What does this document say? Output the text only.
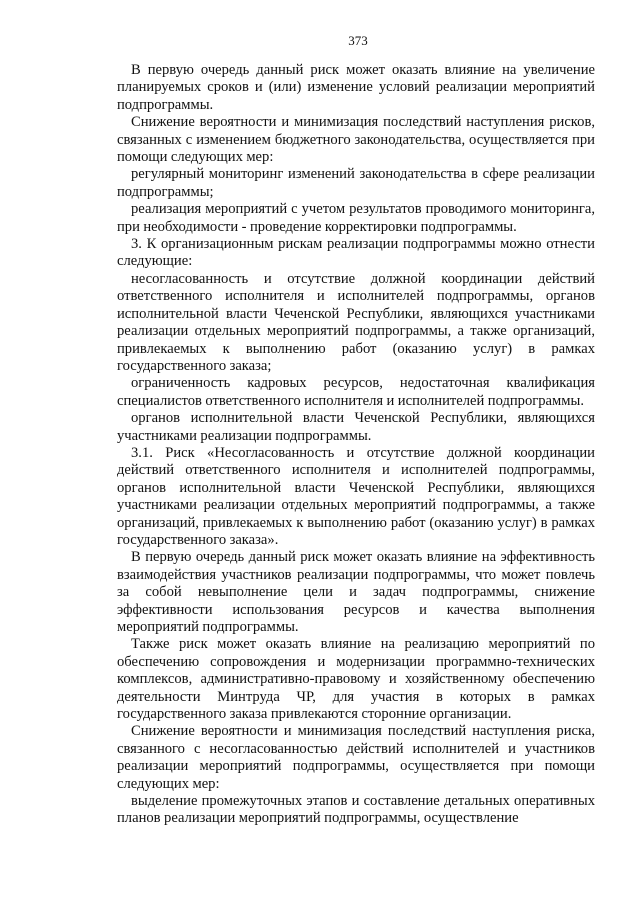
373

В первую очередь данный риск может оказать влияние на увеличение планируемых сроков и (или) изменение условий реализации мероприятий подпрограммы.

Снижение вероятности и минимизация последствий наступления рисков, связанных с изменением бюджетного законодательства, осуществляется при помощи следующих мер:

регулярный мониторинг изменений законодательства в сфере реализации подпрограммы;

реализация мероприятий с учетом результатов проводимого мониторинга, при необходимости - проведение корректировки подпрограммы.

3. К организационным рискам реализации подпрограммы можно отнести следующие:

несогласованность и отсутствие должной координации действий ответственного исполнителя и исполнителей подпрограммы, органов исполнительной власти Чеченской Республики, являющихся участниками реализации отдельных мероприятий подпрограммы, а также организаций, привлекаемых к выполнению работ (оказанию услуг) в рамках государственного заказа;

ограниченность кадровых ресурсов, недостаточная квалификация специалистов ответственного исполнителя и исполнителей подпрограммы.

органов исполнительной власти Чеченской Республики, являющихся участниками реализации подпрограммы.

3.1. Риск «Несогласованность и отсутствие должной координации действий ответственного исполнителя и исполнителей подпрограммы, органов исполнительной власти Чеченской Республики, являющихся участниками реализации отдельных мероприятий подпрограммы, а также организаций, привлекаемых к выполнению работ (оказанию услуг) в рамках государственного заказа».

В первую очередь данный риск может оказать влияние на эффективность взаимодействия участников реализации подпрограммы, что может повлечь за собой невыполнение цели и задач подпрограммы, снижение эффективности использования ресурсов и качества выполнения мероприятий подпрограммы.

Также риск может оказать влияние на реализацию мероприятий по обеспечению сопровождения и модернизации программно-технических комплексов, административно-правовому и хозяйственному обеспечению деятельности Минтруда ЧР, для участия в которых в рамках государственного заказа привлекаются сторонние организации.

Снижение вероятности и минимизация последствий наступления риска, связанного с несогласованностью действий исполнителей и участников реализации мероприятий подпрограммы, осуществляется при помощи следующих мер:

выделение промежуточных этапов и составление детальных оперативных планов реализации мероприятий подпрограммы, осуществление
